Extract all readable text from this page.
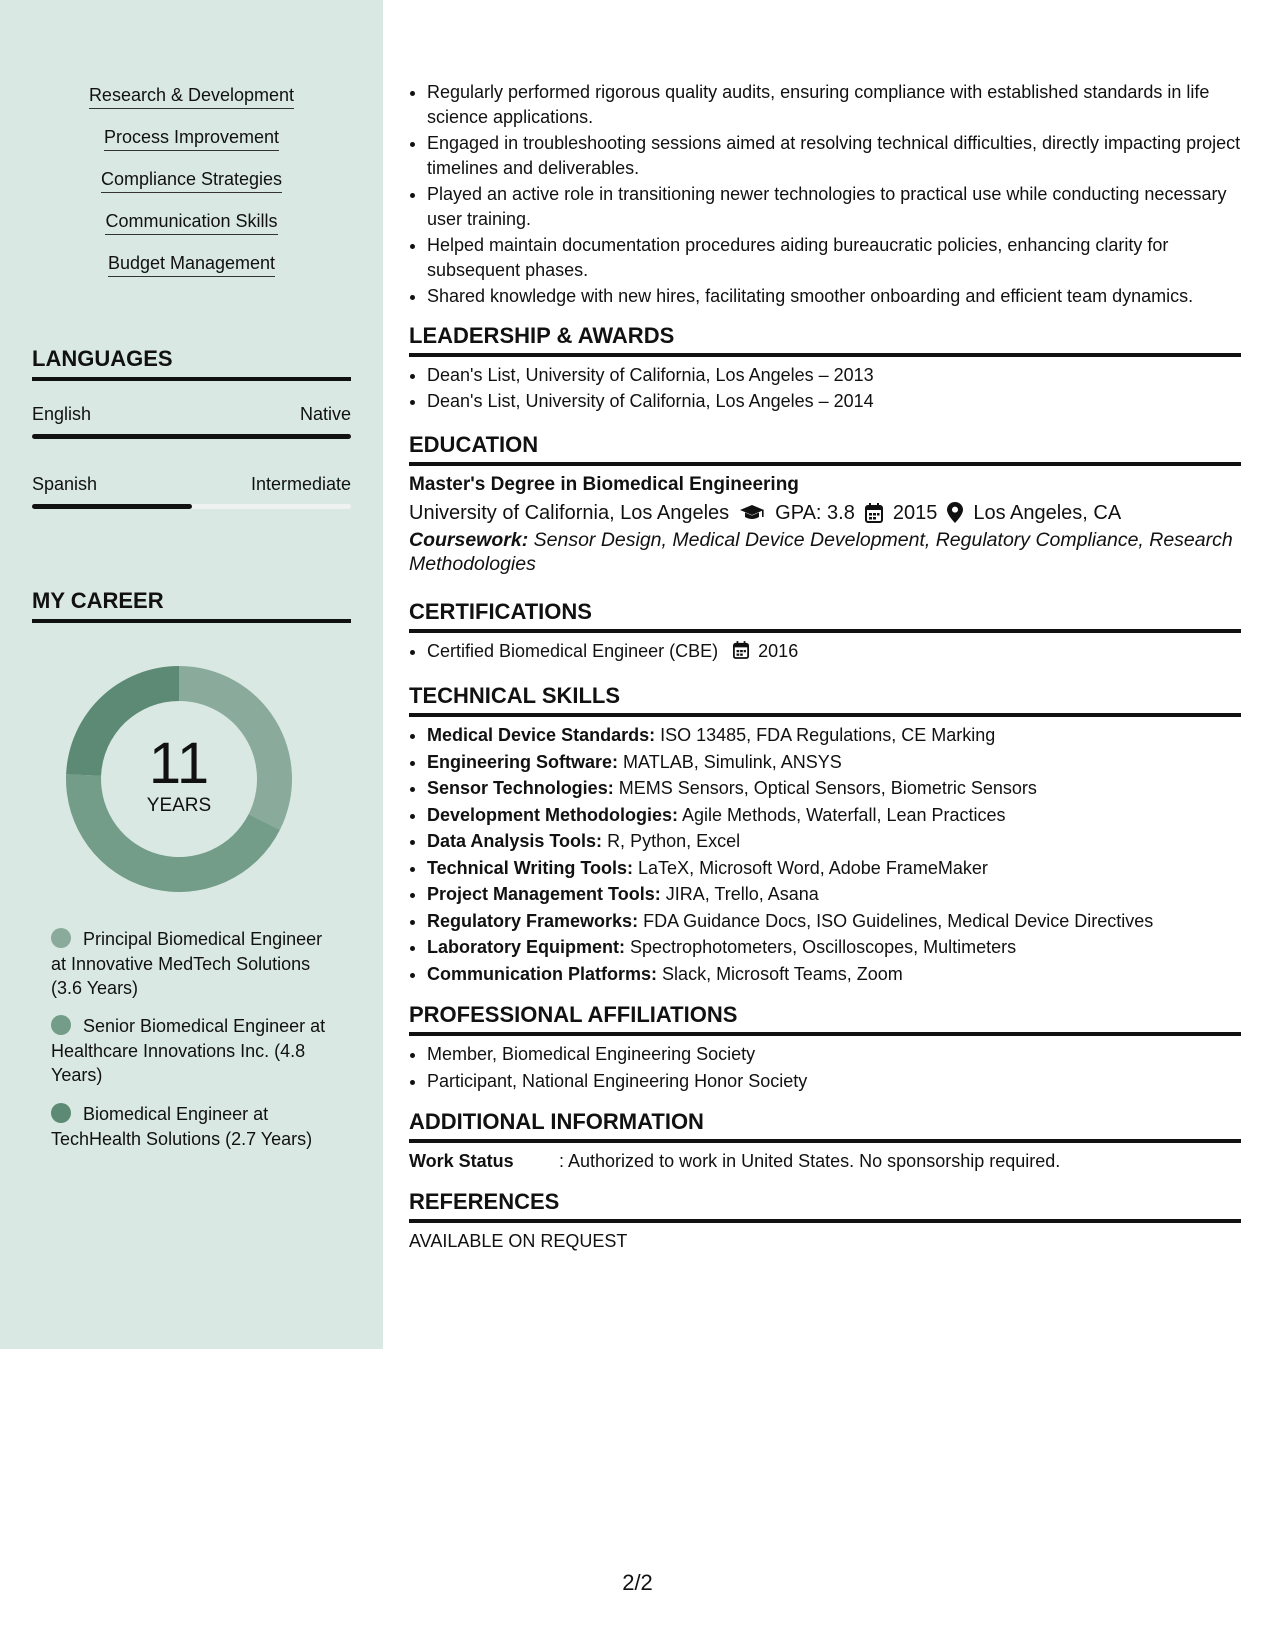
Research & Development
Process Improvement
Compliance Strategies
Communication Skills
Budget Management
LANGUAGES
English	Native
Spanish	Intermediate
MY CAREER
11
YEARS
Principal Biomedical Engineer at Innovative MedTech Solutions (3.6 Years)
Senior Biomedical Engineer at Healthcare Innovations Inc. (4.8 Years)
Biomedical Engineer at TechHealth Solutions (2.7 Years)
• Regularly performed rigorous quality audits, ensuring compliance with established standards in life science applications.
• Engaged in troubleshooting sessions aimed at resolving technical difficulties, directly impacting project timelines and deliverables.
• Played an active role in transitioning newer technologies to practical use while conducting necessary user training.
• Helped maintain documentation procedures aiding bureaucratic policies, enhancing clarity for subsequent phases.
• Shared knowledge with new hires, facilitating smoother onboarding and efficient team dynamics.
LEADERSHIP & AWARDS
• Dean's List, University of California, Los Angeles – 2013
• Dean's List, University of California, Los Angeles – 2014
EDUCATION
Master's Degree in Biomedical Engineering
University of California, Los Angeles GPA: 3.8 2015 Los Angeles, CA
Coursework: Sensor Design, Medical Device Development, Regulatory Compliance, Research Methodologies
CERTIFICATIONS
• Certified Biomedical Engineer (CBE) 2016
TECHNICAL SKILLS
• Medical Device Standards: ISO 13485, FDA Regulations, CE Marking
• Engineering Software: MATLAB, Simulink, ANSYS
• Sensor Technologies: MEMS Sensors, Optical Sensors, Biometric Sensors
• Development Methodologies: Agile Methods, Waterfall, Lean Practices
• Data Analysis Tools: R, Python, Excel
• Technical Writing Tools: LaTeX, Microsoft Word, Adobe FrameMaker
• Project Management Tools: JIRA, Trello, Asana
• Regulatory Frameworks: FDA Guidance Docs, ISO Guidelines, Medical Device Directives
• Laboratory Equipment: Spectrophotometers, Oscilloscopes, Multimeters
• Communication Platforms: Slack, Microsoft Teams, Zoom
PROFESSIONAL AFFILIATIONS
• Member, Biomedical Engineering Society
• Participant, National Engineering Honor Society
ADDITIONAL INFORMATION
Work Status	: Authorized to work in United States. No sponsorship required.
REFERENCES
AVAILABLE ON REQUEST
2/2
